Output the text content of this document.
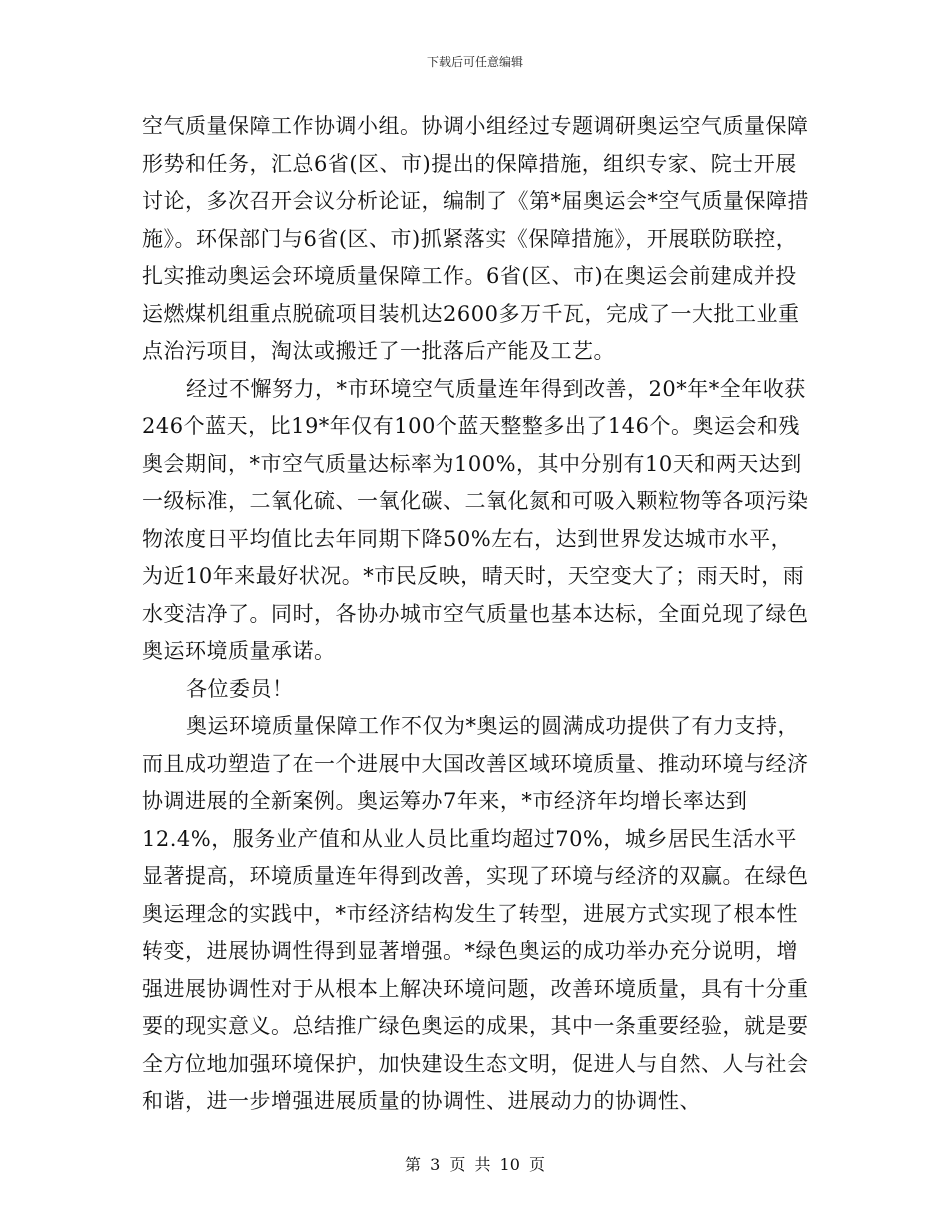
下载后可任意编辑

空气质量保障工作协调小组。协调小组经过专题调研奥运空气质量保障形势和任务，汇总6省(区、市)提出的保障措施，组织专家、院士开展讨论，多次召开会议分析论证，编制了《第*届奥运会*空气质量保障措施》。环保部门与6省(区、市)抓紧落实《保障措施》，开展联防联控，扎实推动奥运会环境质量保障工作。6省(区、市)在奥运会前建成并投运燃煤机组重点脱硫项目装机达2600多万千瓦，完成了一大批工业重点治污项目，淘汰或搬迁了一批落后产能及工艺。

经过不懈努力，*市环境空气质量连年得到改善，20*年*全年收获246个蓝天，比19*年仅有100个蓝天整整多出了146个。奥运会和残奥会期间，*市空气质量达标率为100%，其中分别有10天和两天达到一级标准，二氧化硫、一氧化碳、二氧化氮和可吸入颗粒物等各项污染物浓度日平均值比去年同期下降50%左右，达到世界发达城市水平，为近10年来最好状况。*市民反映，晴天时，天空变大了；雨天时，雨水变洁净了。同时，各协办城市空气质量也基本达标，全面兑现了绿色奥运环境质量承诺。

各位委员！

奥运环境质量保障工作不仅为*奥运的圆满成功提供了有力支持，而且成功塑造了在一个进展中大国改善区域环境质量、推动环境与经济协调进展的全新案例。奥运筹办7年来，*市经济年均增长率达到12.4%，服务业产值和从业人员比重均超过70%，城乡居民生活水平显著提高，环境质量连年得到改善，实现了环境与经济的双赢。在绿色奥运理念的实践中，*市经济结构发生了转型，进展方式实现了根本性转变，进展协调性得到显著增强。*绿色奥运的成功举办充分说明，增强进展协调性对于从根本上解决环境问题，改善环境质量，具有十分重要的现实意义。总结推广绿色奥运的成果，其中一条重要经验，就是要全方位地加强环境保护，加快建设生态文明，促进人与自然、人与社会和谐，进一步增强进展质量的协调性、进展动力的协调性、

第 3 页 共 10 页
